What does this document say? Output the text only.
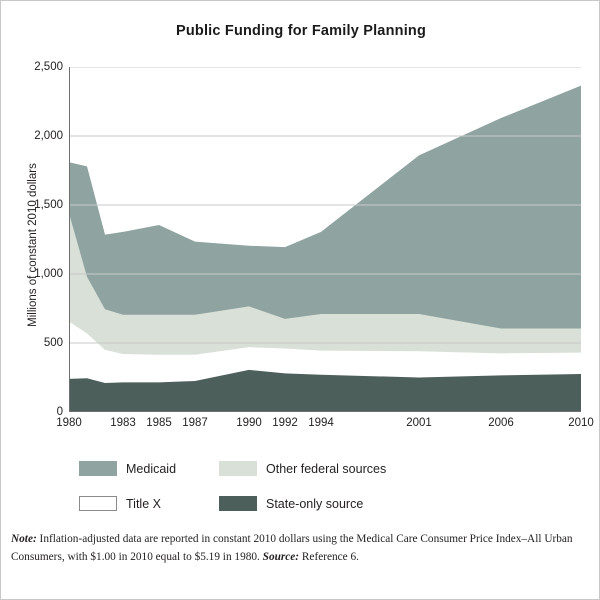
Public Funding for Family Planning
Millions of constant 2010 dollars
0
500
1,000
1,500
2,000
2,500
1980 1983 1985 1987 1990 1992 1994	2001	2006	2010
Medicaid	Other federal sources
Title X	State-only source
Note: Inflation-adjusted data are reported in constant 2010 dollars using the Medical Care Consumer Price Index–All Urban Consumers, with $1.00 in 2010 equal to $5.19 in 1980. Source: Reference 6.
